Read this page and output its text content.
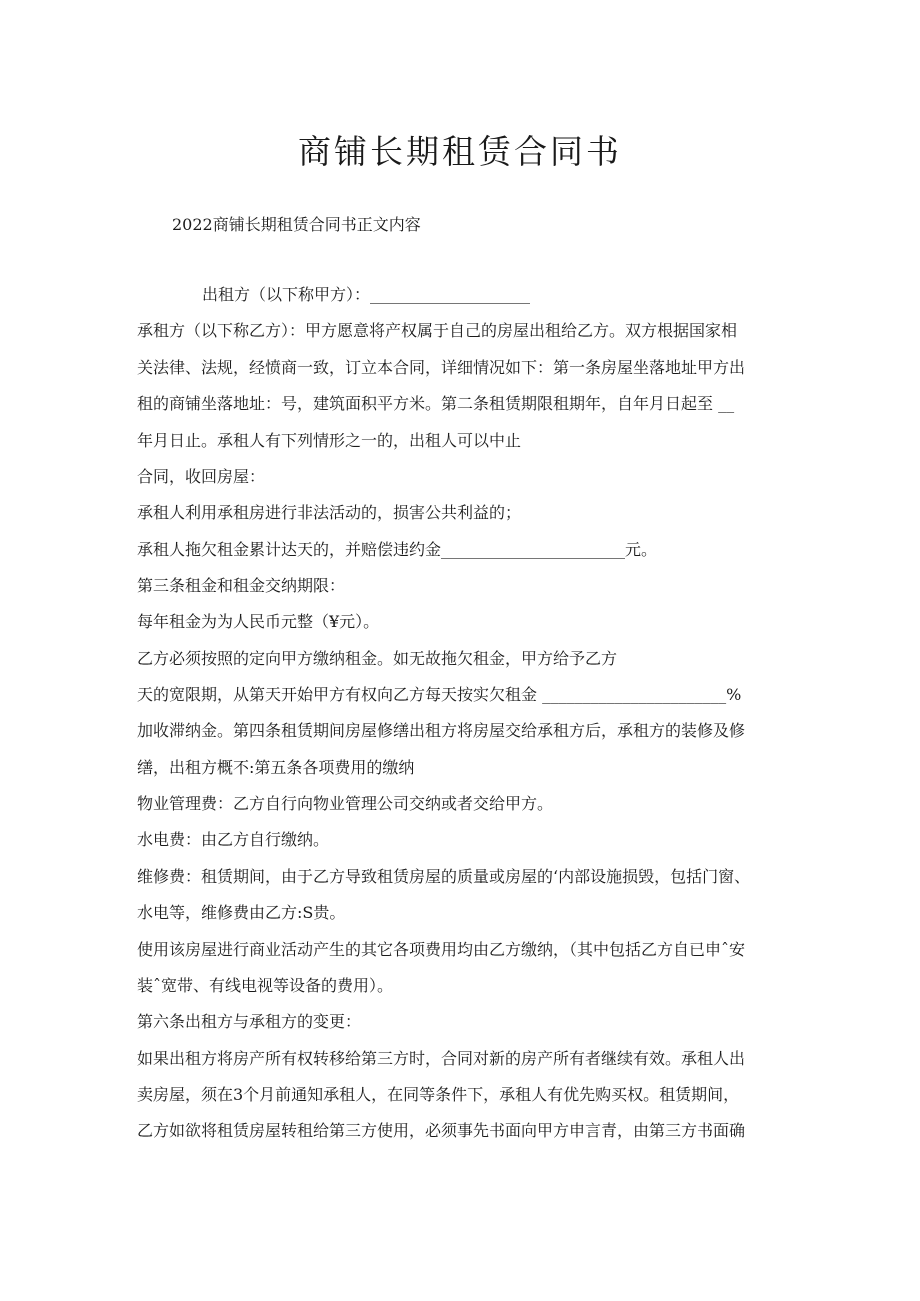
商铺长期租赁合同书

2022商铺长期租赁合同书正文内容

出租方（以下称甲方）：____________________

承租方（以下称乙方）：甲方愿意将产权属于自己的房屋出租给乙方。双方根据国家相

关法律、法规，经愤商一致，订立本合同，详细情况如下：第一条房屋坐落地址甲方出

租的商铺坐落地址：号，建筑面积平方米。第二条租赁期限租期年，自年月日起至 __

年月日止。承租人有下列情形之一的，出租人可以中止

合同，收回房屋：

承租人利用承租房进行非法活动的，损害公共利益的；

承租人拖欠租金累计达天的，并赔偿违约金_______________________元。

第三条租金和租金交纳期限：

每年租金为为人民币元整（¥元）。

乙方必须按照的定向甲方缴纳租金。如无故拖欠租金，甲方给予乙方

天的宽限期，从第天开始甲方有权向乙方每天按实欠租金 _______________________%

加收滞纳金。第四条租赁期间房屋修缮出租方将房屋交给承租方后，承租方的装修及修

缮，出租方概不:第五条各项费用的缴纳

物业管理费：乙方自行向物业管理公司交纳或者交给甲方。

水电费：由乙方自行缴纳。

维修费：租赁期间，由于乙方导致租赁房屋的质量或房屋的‘内部设施损毁，包括门窗、

水电等，维修费由乙方:S贵。

使用该房屋进行商业活动产生的其它各项费用均由乙方缴纳，（其中包括乙方自已申ˆ安

装ˆ宽带、有线电视等设备的费用）。

第六条出租方与承租方的变更：

如果出租方将房产所有权转移给第三方时，合同对新的房产所有者继续有效。承租人出

卖房屋，须在3个月前通知承租人，在同等条件下，承租人有优先购买权。租赁期间，

乙方如欲将租赁房屋转租给第三方使用，必须事先书面向甲方申言青，由第三方书面确
